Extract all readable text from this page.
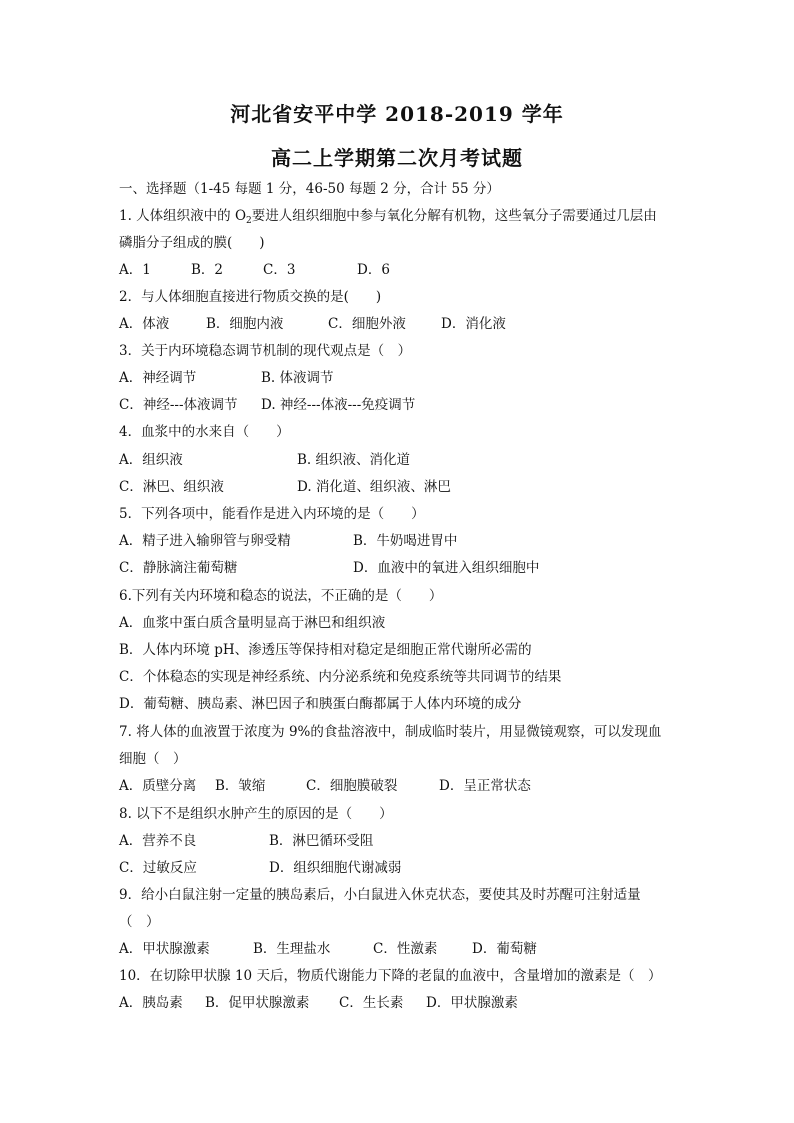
河北省安平中学 2018-2019 学年
高二上学期第二次月考试题
一、选择题（1-45 每题 1 分，46-50 每题 2 分，合计 55 分）
1. 人体组织液中的 $O_2$要进人组织细胞中参与氧化分解有机物，这些氧分子需要通过几层由
磷脂分子组成的膜(　　)
A．1	B．2	C．3	D．6
2．与人体细胞直接进行物质交换的是(　　)
A．体液	B．细胞内液	C．细胞外液	D．消化液
3．关于内环境稳态调节机制的现代观点是（　）
A．神经调节	B. 体液调节
C．神经---体液调节 D. 神经---体液---免疫调节
4．血浆中的水来自（　　）
A．组织液	B. 组织液、消化道
C．淋巴、组织液	D. 消化道、组织液、淋巴
5．下列各项中，能看作是进入内环境的是（　　）
A．精子进入输卵管与卵受精	B．牛奶喝进胃中
C．静脉滴注葡萄糖	D．血液中的氧进入组织细胞中
6.下列有关内环境和稳态的说法，不正确的是（　　）
A．血浆中蛋白质含量明显高于淋巴和组织液
B．人体内环境 pH、渗透压等保持相对稳定是细胞正常代谢所必需的
C．个体稳态的实现是神经系统、内分泌系统和免疫系统等共同调节的结果
D．葡萄糖、胰岛素、淋巴因子和胰蛋白酶都属于人体内环境的成分
7. 将人体的血液置于浓度为 9%的食盐溶液中，制成临时装片，用显微镜观察，可以发现血
细胞（　）
A．质壁分离 B．皱缩	C．细胞膜破裂	D．呈正常状态
8. 以下不是组织水肿产生的原因的是（　　）
A．营养不良	B．淋巴循环受阻
C．过敏反应	D．组织细胞代谢减弱
9．给小白鼠注射一定量的胰岛素后，小白鼠进入休克状态，要使其及时苏醒可注射适量
（　）
A．甲状腺激素	B．生理盐水	C．性激素	D．葡萄糖
10．在切除甲状腺 10 天后，物质代谢能力下降的老鼠的血液中，含量增加的激素是（　）
A．胰岛素 B．促甲状腺激素 C．生长素 D．甲状腺激素
